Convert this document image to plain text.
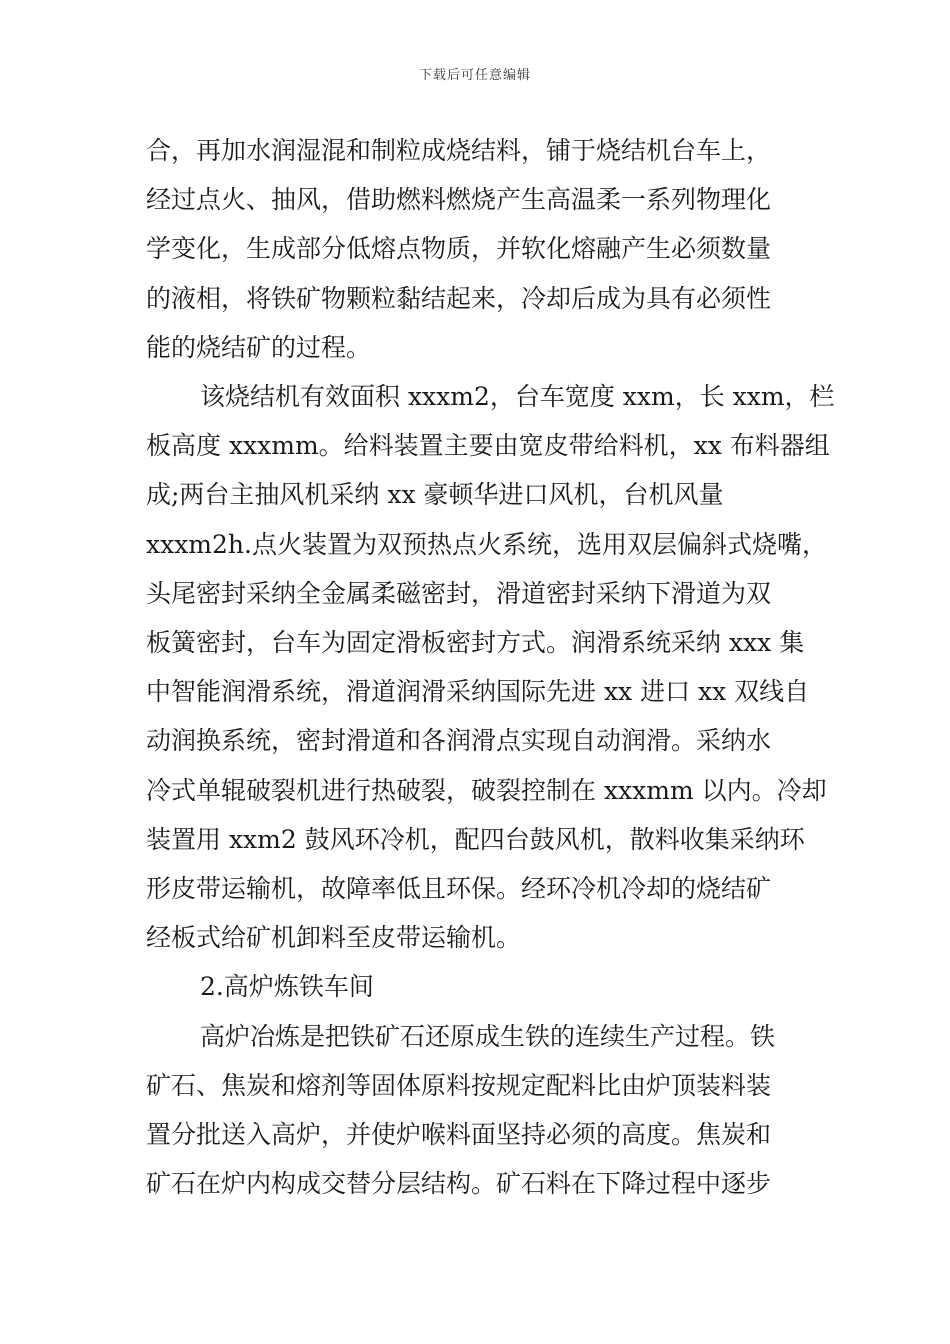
下载后可任意编辑

合，再加水润湿混和制粒成烧结料，铺于烧结机台车上，
经过点火、抽风，借助燃料燃烧产生高温柔一系列物理化
学变化，生成部分低熔点物质，并软化熔融产生必须数量
的液相，将铁矿物颗粒黏结起来，冷却后成为具有必须性
能的烧结矿的过程。

该烧结机有效面积 xxxm2，台车宽度 xxm，长 xxm，栏
板高度 xxxmm。给料装置主要由宽皮带给料机，xx 布料器组
成;两台主抽风机采纳 xx 豪顿华进口风机，台机风量
xxxm2h.点火装置为双预热点火系统，选用双层偏斜式烧嘴，
头尾密封采纳全金属柔磁密封，滑道密封采纳下滑道为双
板簧密封，台车为固定滑板密封方式。润滑系统采纳 xxx 集
中智能润滑系统，滑道润滑采纳国际先进 xx 进口 xx 双线自
动润换系统，密封滑道和各润滑点实现自动润滑。采纳水
冷式单辊破裂机进行热破裂，破裂控制在 xxxmm 以内。冷却
装置用 xxm2 鼓风环冷机，配四台鼓风机，散料收集采纳环
形皮带运输机，故障率低且环保。经环冷机冷却的烧结矿
经板式给矿机卸料至皮带运输机。

2.高炉炼铁车间

高炉冶炼是把铁矿石还原成生铁的连续生产过程。铁
矿石、焦炭和熔剂等固体原料按规定配料比由炉顶装料装
置分批送入高炉，并使炉喉料面坚持必须的高度。焦炭和
矿石在炉内构成交替分层结构。矿石料在下降过程中逐步
